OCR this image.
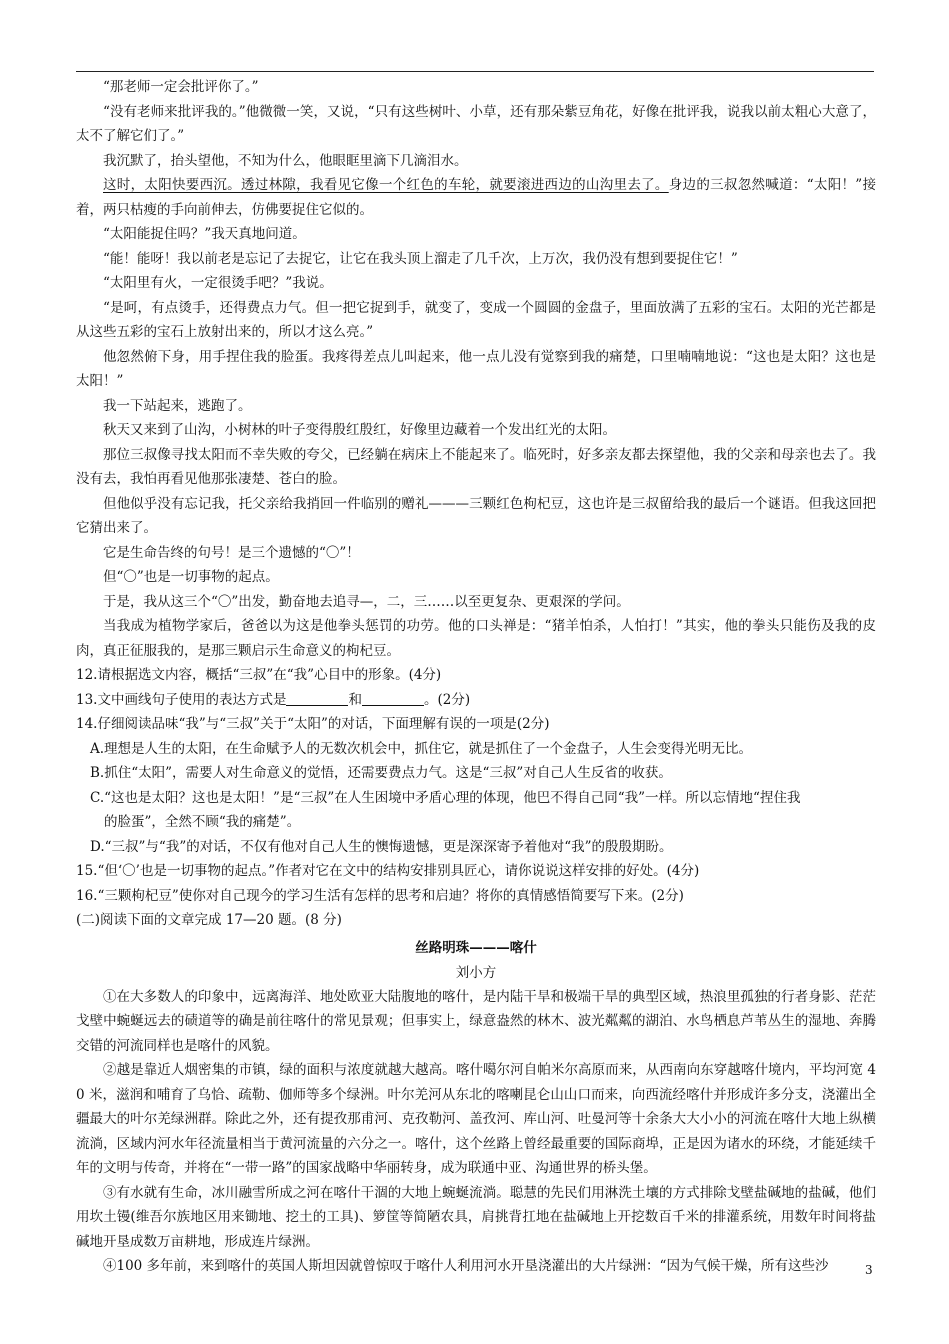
“那老师一定会批评你了。”

“没有老师来批评我的。”他微微一笑，又说，“只有这些树叶、小草，还有那朵紫豆角花，好像在批评我，说我以前太粗心大意了，太不了解它们了。”

我沉默了，抬头望他，不知为什么，他眼眶里滴下几滴泪水。

这时，太阳快要西沉。透过林隙，我看见它像一个红色的车轮，就要滚进西边的山沟里去了。身边的三叔忽然喊道：“太阳！”接着，两只枯瘦的手向前伸去，仿佛要捉住它似的。

“太阳能捉住吗？”我天真地问道。

“能！能呀！我以前老是忘记了去捉它，让它在我头顶上溜走了几千次，上万次，我仍没有想到要捉住它！”

“太阳里有火，一定很烫手吧？”我说。

“是呵，有点烫手，还得费点力气。但一把它捉到手，就变了，变成一个圆圆的金盘子，里面放满了五彩的宝石。太阳的光芒都是从这些五彩的宝石上放射出来的，所以才这么亮。”

他忽然俯下身，用手捏住我的脸蛋。我疼得差点儿叫起来，他一点儿没有觉察到我的痛楚，口里喃喃地说：“这也是太阳？这也是太阳！”

我一下站起来，逃跑了。

秋天又来到了山沟，小树林的叶子变得殷红殷红，好像里边藏着一个发出红光的太阳。

那位三叔像寻找太阳而不幸失败的夸父，已经躺在病床上不能起来了。临死时，好多亲友都去探望他，我的父亲和母亲也去了。我没有去，我怕再看见他那张凄楚、苍白的脸。

但他似乎没有忘记我，托父亲给我捎回一件临别的赠礼———三颗红色枸杞豆，这也许是三叔留给我的最后一个谜语。但我这回把它猜出来了。

它是生命告终的句号！是三个遗憾的“〇”！

但“〇”也是一切事物的起点。

于是，我从这三个“〇”出发，勤奋地去追寻—，二，三……以至更复杂、更艰深的学问。

当我成为植物学家后，爸爸以为这是他拳头惩罚的功劳。他的口头禅是：“猪羊怕杀，人怕打！”其实，他的拳头只能伤及我的皮肉，真正征服我的，是那三颗启示生命意义的枸杞豆。

12.请根据选文内容，概括“三叔”在“我”心目中的形象。(4分)

13.文中画线句子使用的表达方式是	和	。(2分)

14.仔细阅读品味“我”与“三叔”关于“太阳”的对话，下面理解有误的一项是(2分)

A.理想是人生的太阳，在生命赋予人的无数次机会中，抓住它，就是抓住了一个金盘子，人生会变得光明无比。

B.抓住“太阳”，需要人对生命意义的觉悟，还需要费点力气。这是“三叔”对自己人生反省的收获。

C.“这也是太阳？这也是太阳！”是“三叔”在人生困境中矛盾心理的体现，他巴不得自己同“我”一样。所以忘情地“捏住我

的脸蛋”，全然不顾“我的痛楚”。

D.“三叔”与“我”的对话，不仅有他对自己人生的懊悔遗憾，更是深深寄予着他对“我”的殷殷期盼。

15.“但‘〇’也是一切事物的起点。”作者对它在文中的结构安排别具匠心，请你说说这样安排的好处。(4分)

16.“三颗枸杞豆”使你对自己现今的学习生活有怎样的思考和启迪？将你的真情感悟简要写下来。(2分)

(二)阅读下面的文章完成 17—20 题。(8 分)

丝路明珠———喀什

刘小方

①在大多数人的印象中，远离海洋、地处欧亚大陆腹地的喀什，是内陆干旱和极端干旱的典型区域，热浪里孤独的行者身影、茫茫戈壁中蜿蜒远去的碛道等的确是前往喀什的常见景观；但事实上，绿意盎然的林木、波光粼粼的湖泊、水鸟栖息芦苇丛生的湿地、奔腾交错的河流同样也是喀什的风貌。

②越是靠近人烟密集的市镇，绿的面积与浓度就越大越高。喀什噶尔河自帕米尔高原而来，从西南向东穿越喀什境内，平均河宽 40 米，滋润和哺育了乌恰、疏勒、伽师等多个绿洲。叶尔羌河从东北的喀喇昆仑山山口而来，向西流经喀什并形成许多分支，浇灌出全疆最大的叶尔羌绿洲群。除此之外，还有提孜那甫河、克孜勒河、盖孜河、库山河、吐曼河等十余条大大小小的河流在喀什大地上纵横流淌，区域内河水年径流量相当于黄河流量的六分之一。喀什，这个丝路上曾经最重要的国际商埠，正是因为诸水的环绕，才能延续千年的文明与传奇，并将在“一带一路”的国家战略中华丽转身，成为联通中亚、沟通世界的桥头堡。

③有水就有生命，冰川融雪所成之河在喀什干涸的大地上蜿蜒流淌。聪慧的先民们用淋洗土壤的方式排除戈壁盐碱地的盐碱，他们用坎土镘(维吾尔族地区用来锄地、挖土的工具)、箩筐等简陋农具，肩挑背扛地在盐碱地上开挖数百千米的排灌系统，用数年时间将盐碱地开垦成数万亩耕地，形成连片绿洲。

④100 多年前，来到喀什的英国人斯坦因就曾惊叹于喀什人利用河水开垦浇灌出的大片绿洲：“因为气候干燥，所有这些沙	3
